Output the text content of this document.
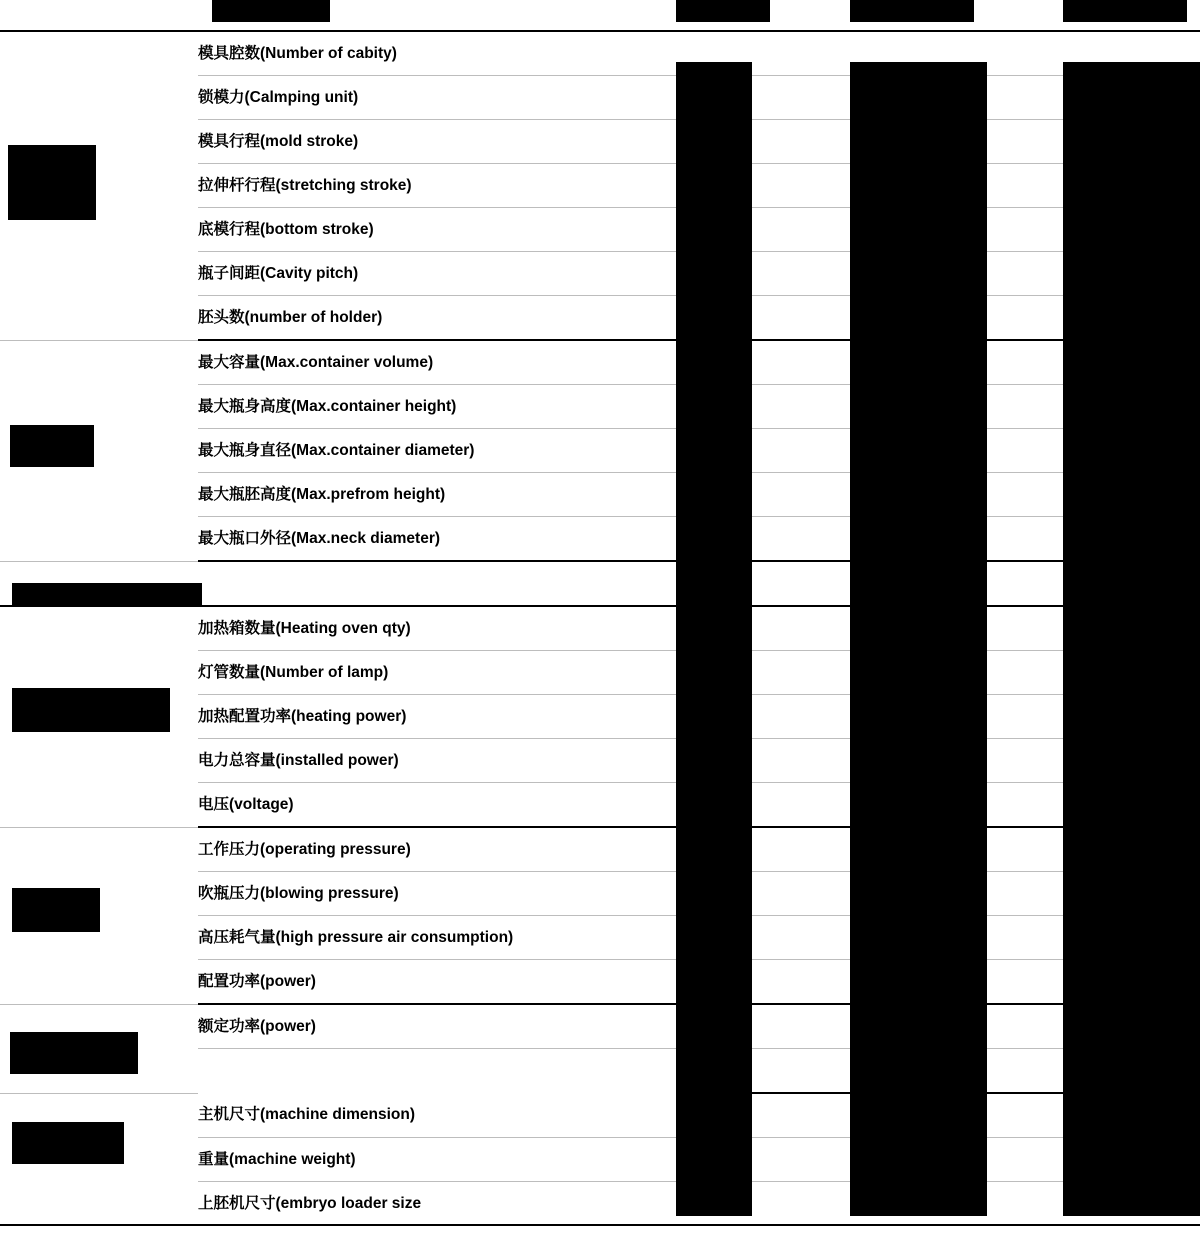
	模具腔数(Number of cabity)			
	锁模力(Calmping unit)			
	模具行程(mold stroke)			
	拉伸杆行程(stretching stroke)			
	底模行程(bottom stroke)			
	瓶子间距(Cavity pitch)			
	胚头数(number of holder)			
	最大容量(Max.container volume)			
	最大瓶身高度(Max.container height)			
	最大瓶身直径(Max.container diameter)			
	最大瓶胚高度(Max.prefrom height)			
	最大瓶口外径(Max.neck diameter)			

	加热箱数量(Heating oven qty)			
	灯管数量(Number of lamp)			
	加热配置功率(heating power)			
	电力总容量(installed power)			
	电压(voltage)			
	工作压力(operating pressure)			
	吹瓶压力(blowing pressure)			
	高压耗气量(high pressure air consumption)			
	配置功率(power)			
	额定功率(power)			

	主机尺寸(machine dimension)			
	重量(machine weight)			
	上胚机尺寸(embryo loader size			
